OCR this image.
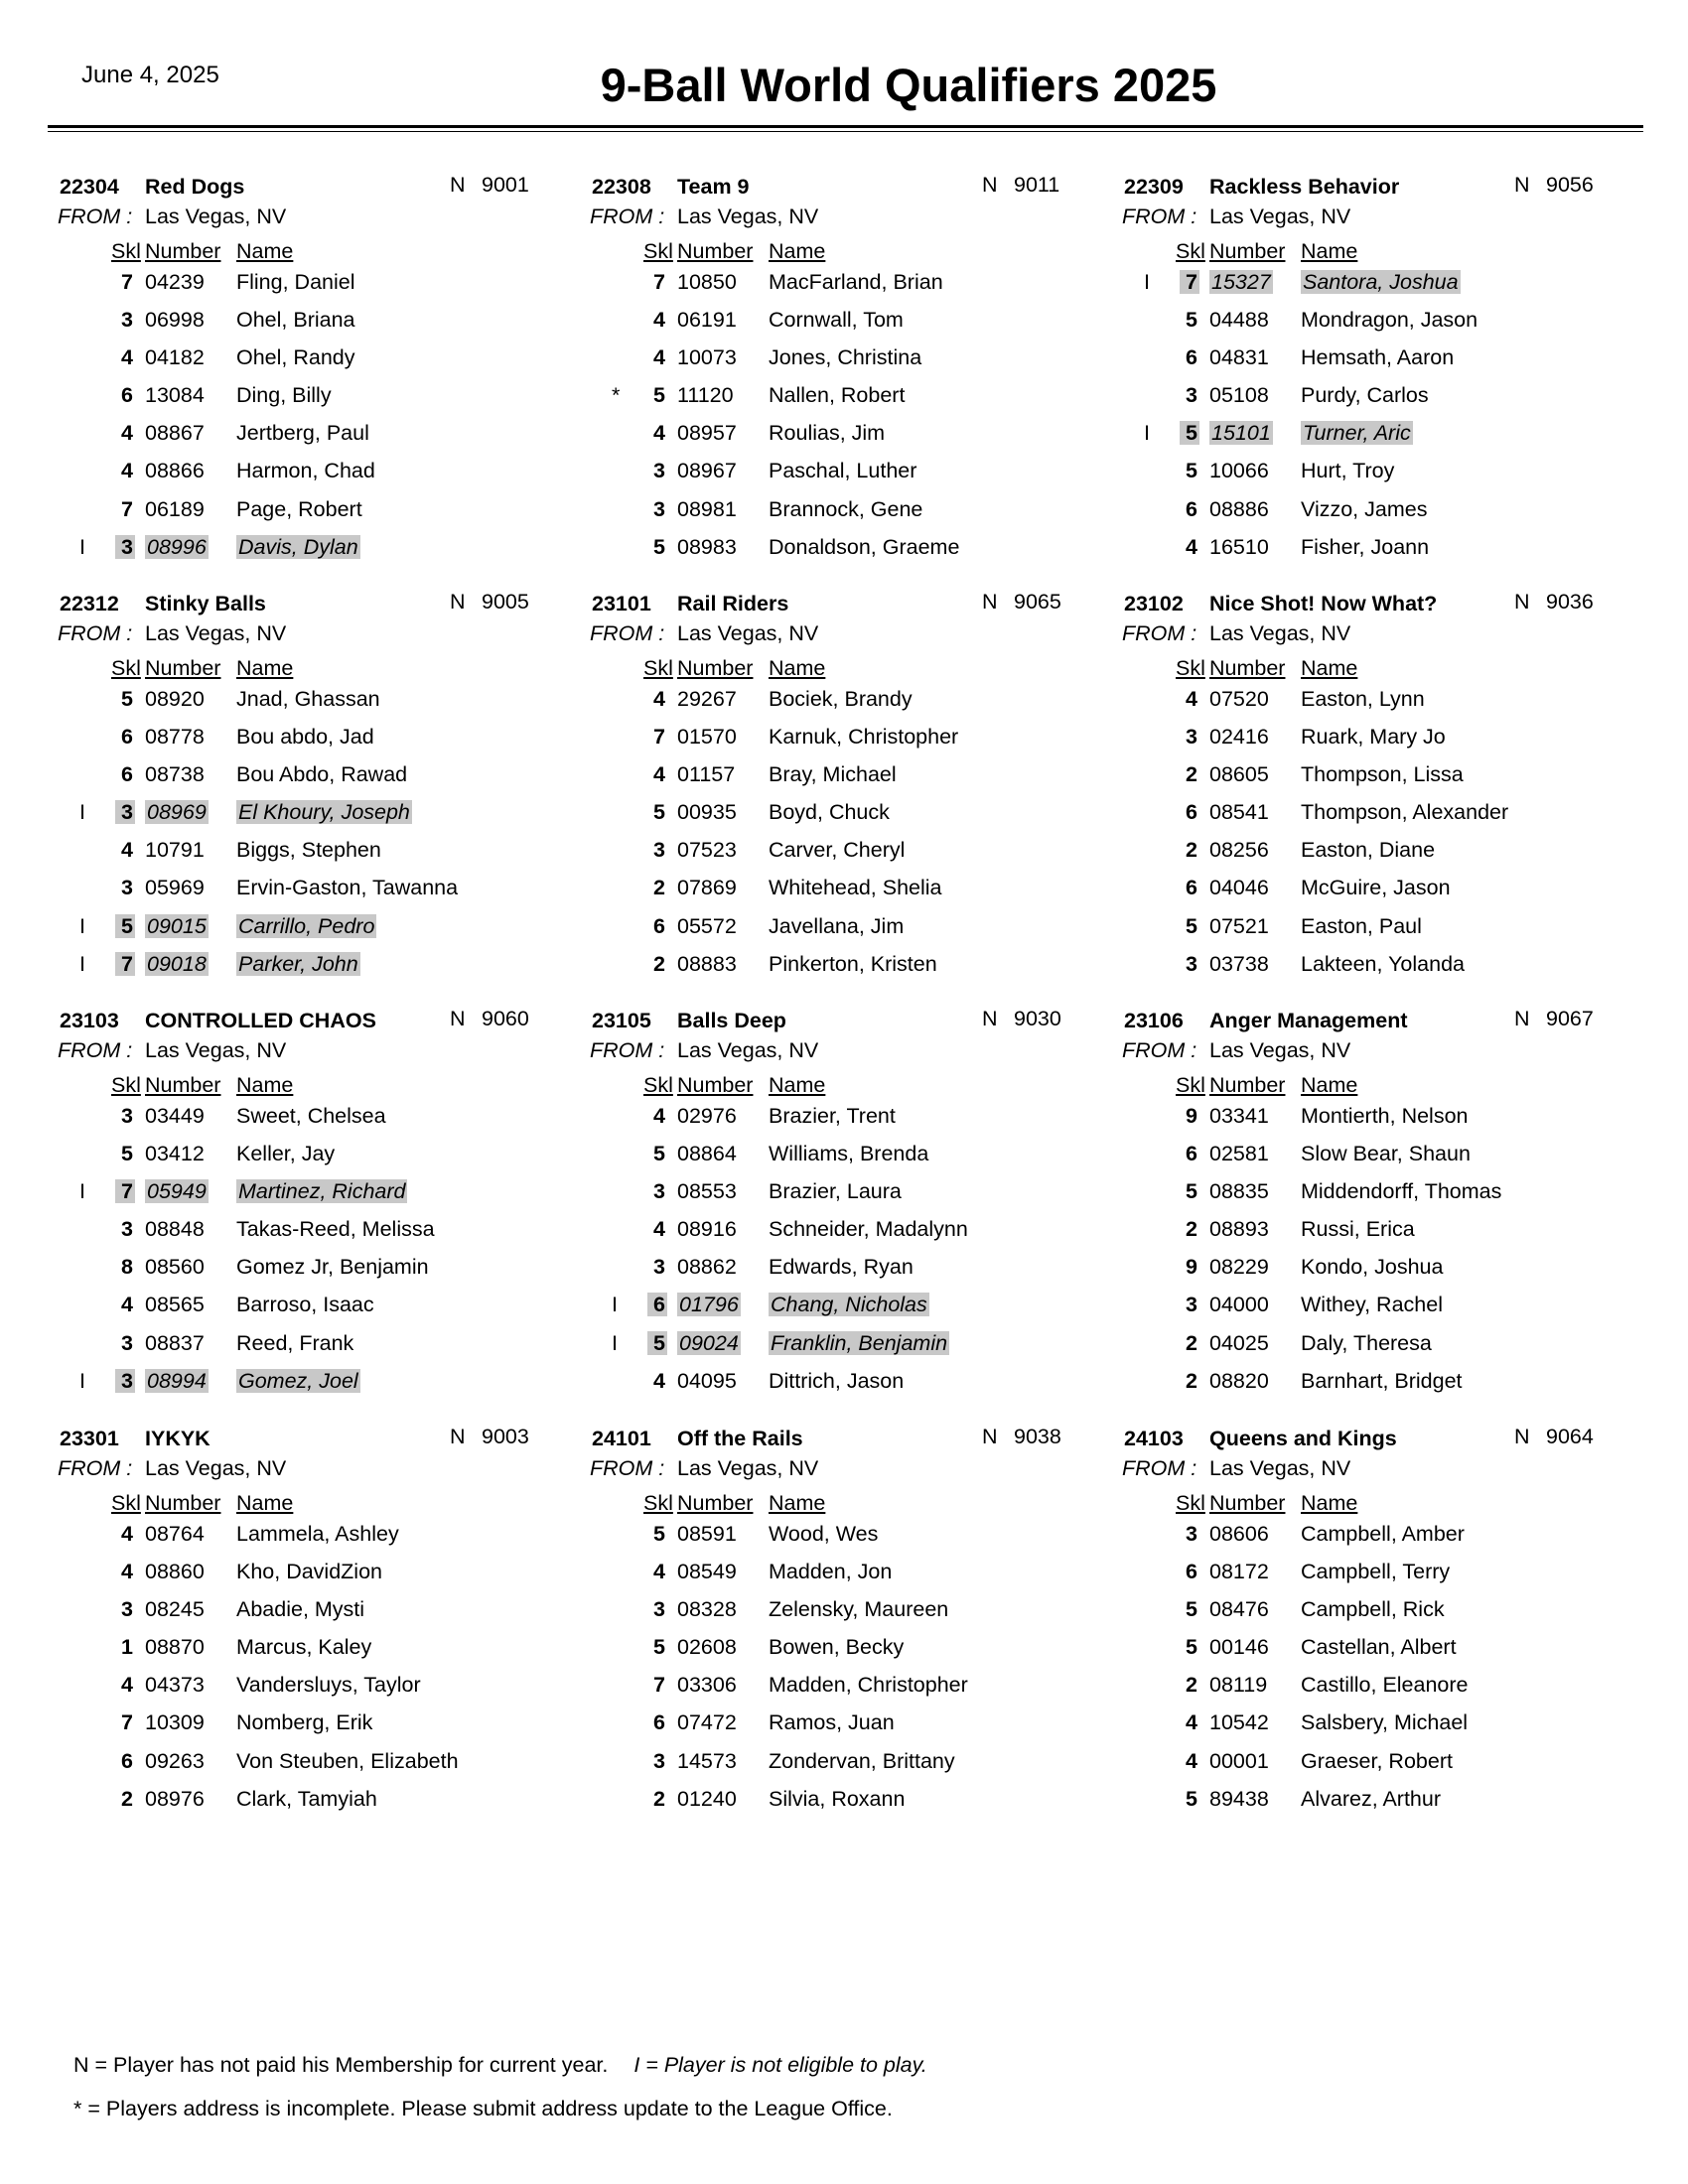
June 4, 2025	9-Ball World Qualifiers 2025
22304 Red Dogs	N 9001
FROM : Las Vegas, NV
Skl Number Name
7 04239 Fling, Daniel
3 06998 Ohel, Briana
4 04182 Ohel, Randy
6 13084 Ding, Billy
4 08867 Jertberg, Paul
4 08866 Harmon, Chad
7 06189 Page, Robert
I	3 08996 Davis, Dylan
22308 Team 9	N 9011
FROM : Las Vegas, NV
Skl Number Name
7 10850 MacFarland, Brian
4 06191 Cornwall, Tom
4 10073 Jones, Christina
*	5 11120 Nallen, Robert
4 08957 Roulias, Jim
3 08967 Paschal, Luther
3 08981 Brannock, Gene
5 08983 Donaldson, Graeme
22309 Rackless Behavior	N 9056
FROM : Las Vegas, NV
Skl Number Name
I	7 15327 Santora, Joshua
5 04488 Mondragon, Jason
6 04831 Hemsath, Aaron
3 05108 Purdy, Carlos
I	5 15101 Turner, Aric
5 10066 Hurt, Troy
6 08886 Vizzo, James
4 16510 Fisher, Joann
22312 Stinky Balls	N 9005
FROM : Las Vegas, NV
Skl Number Name
5 08920 Jnad, Ghassan
6 08778 Bou abdo, Jad
6 08738 Bou Abdo, Rawad
I	3 08969 El Khoury, Joseph
4 10791 Biggs, Stephen
3 05969 Ervin-Gaston, Tawanna
I	5 09015 Carrillo, Pedro
I	7 09018 Parker, John
23101 Rail Riders	N 9065
FROM : Las Vegas, NV
Skl Number Name
4 29267 Bociek, Brandy
7 01570 Karnuk, Christopher
4 01157 Bray, Michael
5 00935 Boyd, Chuck
3 07523 Carver, Cheryl
2 07869 Whitehead, Shelia
6 05572 Javellana, Jim
2 08883 Pinkerton, Kristen
23102 Nice Shot! Now What?	N 9036
FROM : Las Vegas, NV
Skl Number Name
4 07520 Easton, Lynn
3 02416 Ruark, Mary Jo
2 08605 Thompson, Lissa
6 08541 Thompson, Alexander
2 08256 Easton, Diane
6 04046 McGuire, Jason
5 07521 Easton, Paul
3 03738 Lakteen, Yolanda
23103 CONTROLLED CHAOS	N 9060
FROM : Las Vegas, NV
Skl Number Name
3 03449 Sweet, Chelsea
5 03412 Keller, Jay
I	7 05949 Martinez, Richard
3 08848 Takas-Reed, Melissa
8 08560 Gomez Jr, Benjamin
4 08565 Barroso, Isaac
3 08837 Reed, Frank
I	3 08994 Gomez, Joel
23105 Balls Deep	N 9030
FROM : Las Vegas, NV
Skl Number Name
4 02976 Brazier, Trent
5 08864 Williams, Brenda
3 08553 Brazier, Laura
4 08916 Schneider, Madalynn
3 08862 Edwards, Ryan
I	6 01796 Chang, Nicholas
I	5 09024 Franklin, Benjamin
4 04095 Dittrich, Jason
23106 Anger Management	N 9067
FROM : Las Vegas, NV
Skl Number Name
9 03341 Montierth, Nelson
6 02581 Slow Bear, Shaun
5 08835 Middendorff, Thomas
2 08893 Russi, Erica
9 08229 Kondo, Joshua
3 04000 Withey, Rachel
2 04025 Daly, Theresa
2 08820 Barnhart, Bridget
23301 IYKYK	N 9003
FROM : Las Vegas, NV
Skl Number Name
4 08764 Lammela, Ashley
4 08860 Kho, DavidZion
3 08245 Abadie, Mysti
1 08870 Marcus, Kaley
4 04373 Vandersluys, Taylor
7 10309 Nomberg, Erik
6 09263 Von Steuben, Elizabeth
2 08976 Clark, Tamyiah
24101 Off the Rails	N 9038
FROM : Las Vegas, NV
Skl Number Name
5 08591 Wood, Wes
4 08549 Madden, Jon
3 08328 Zelensky, Maureen
5 02608 Bowen, Becky
7 03306 Madden, Christopher
6 07472 Ramos, Juan
3 14573 Zondervan, Brittany
2 01240 Silvia, Roxann
24103 Queens and Kings	N 9064
FROM : Las Vegas, NV
Skl Number Name
3 08606 Campbell, Amber
6 08172 Campbell, Terry
5 08476 Campbell, Rick
5 00146 Castellan, Albert
2 08119 Castillo, Eleanore
4 10542 Salsbery, Michael
4 00001 Graeser, Robert
5 89438 Alvarez, Arthur
N = Player has not paid his Membership for current year. I = Player is not eligible to play.
* = Players address is incomplete. Please submit address update to the League Office.
